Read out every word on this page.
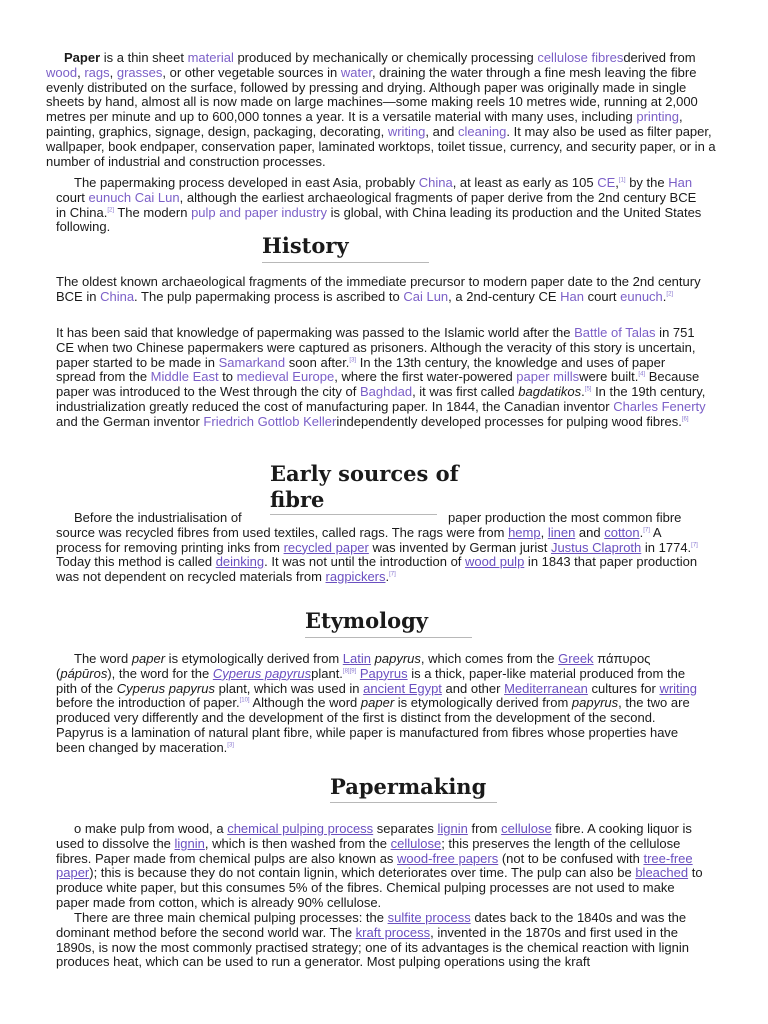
Paper is a thin sheet material produced by mechanically or chemically processing cellulose fibresderived from wood, rags, grasses, or other vegetable sources in water, draining the water through a fine mesh leaving the fibre evenly distributed on the surface, followed by pressing and drying. Although paper was originally made in single sheets by hand, almost all is now made on large machines—some making reels 10 metres wide, running at 2,000 metres per minute and up to 600,000 tonnes a year. It is a versatile material with many uses, including printing, painting, graphics, signage, design, packaging, decorating, writing, and cleaning. It may also be used as filter paper, wallpaper, book endpaper, conservation paper, laminated worktops, toilet tissue, currency, and security paper, or in a number of industrial and construction processes.

The papermaking process developed in east Asia, probably China, at least as early as 105 CE,[1] by the Han court eunuch Cai Lun, although the earliest archaeological fragments of paper derive from the 2nd century BCE in China.[2] The modern pulp and paper industry is global, with China leading its production and the United States following.

History

The oldest known archaeological fragments of the immediate precursor to modern paper date to the 2nd century BCE in China. The pulp papermaking process is ascribed to Cai Lun, a 2nd-century CE Han court eunuch.[2]

It has been said that knowledge of papermaking was passed to the Islamic world after the Battle of Talas in 751 CE when two Chinese papermakers were captured as prisoners. Although the veracity of this story is uncertain, paper started to be made in Samarkand soon after.[3] In the 13th century, the knowledge and uses of paper spread from the Middle East to medieval Europe, where the first water-powered paper millswere built.[4] Because paper was introduced to the West through the city of Baghdad, it was first called bagdatikos.[5] In the 19th century, industrialization greatly reduced the cost of manufacturing paper. In 1844, the Canadian inventor Charles Fenerty and the German inventor Friedrich Gottlob Kellerindependently developed processes for pulping wood fibres.[6]

Early sources of fibre

Before the industrialisation of	paper production the most common fibre source was recycled fibres from used textiles, called rags. The rags were from hemp, linen and cotton.[7] A process for removing printing inks from recycled paper was invented by German jurist Justus Claproth in 1774.[7] Today this method is called deinking. It was not until the introduction of wood pulp in 1843 that paper production was not dependent on recycled materials from ragpickers.[7]

Etymology

The word paper is etymologically derived from Latin papyrus, which comes from the Greek πάπυρος (pápūros), the word for the Cyperus papyrusplant.[8][9] Papyrus is a thick, paper-like material produced from the pith of the Cyperus papyrus plant, which was used in ancient Egypt and other Mediterranean cultures for writing before the introduction of paper.[10] Although the word paper is etymologically derived from papyrus, the two are produced very differently and the development of the first is distinct from the development of the second. Papyrus is a lamination of natural plant fibre, while paper is manufactured from fibres whose properties have been changed by maceration.[3]

Papermaking

o make pulp from wood, a chemical pulping process separates lignin from cellulose fibre. A cooking liquor is used to dissolve the lignin, which is then washed from the cellulose; this preserves the length of the cellulose fibres. Paper made from chemical pulps are also known as wood-free papers (not to be confused with tree-free paper); this is because they do not contain lignin, which deteriorates over time. The pulp can also be bleached to produce white paper, but this consumes 5% of the fibres. Chemical pulping processes are not used to make paper made from cotton, which is already 90% cellulose.

There are three main chemical pulping processes: the sulfite process dates back to the 1840s and was the dominant method before the second world war. The kraft process, invented in the 1870s and first used in the 1890s, is now the most commonly practised strategy; one of its advantages is the chemical reaction with lignin produces heat, which can be used to run a generator. Most pulping operations using the kraft
